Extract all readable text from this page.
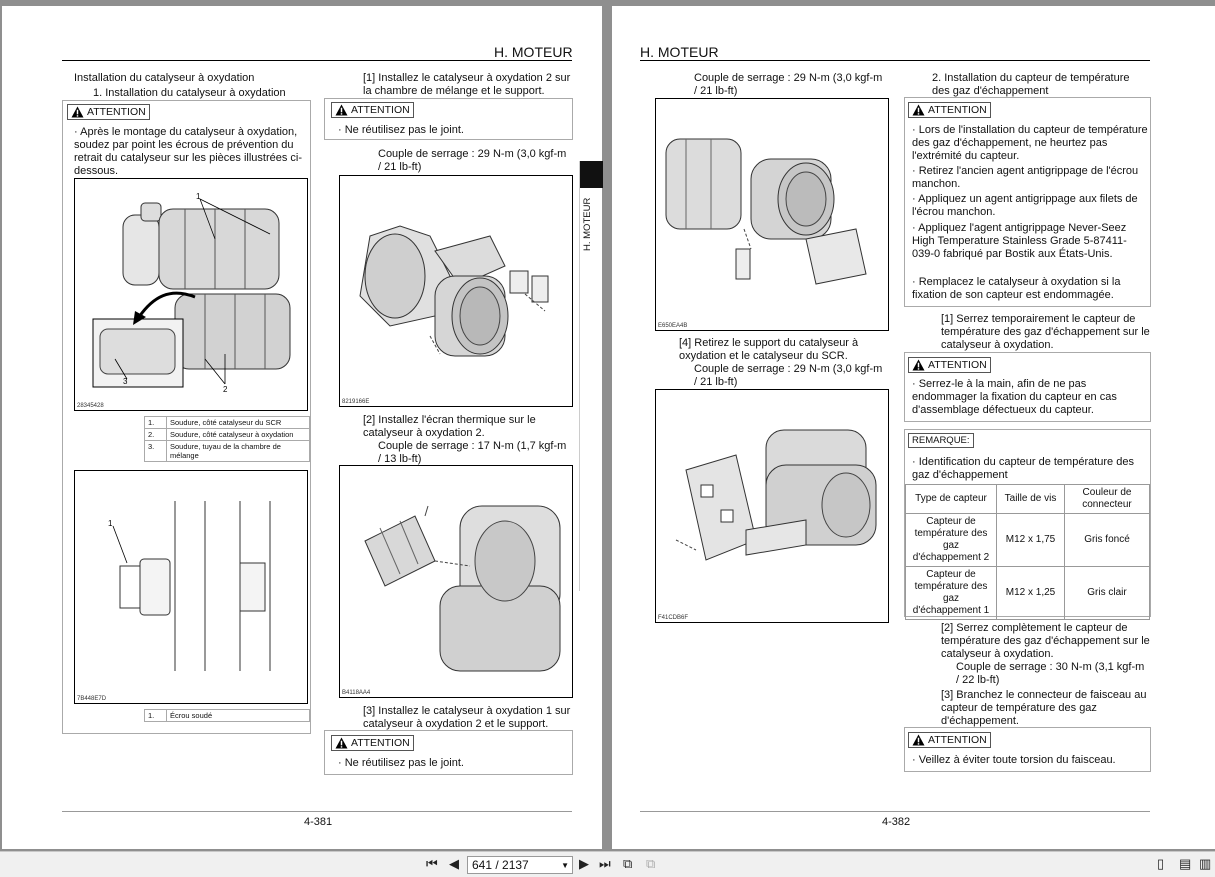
H. MOTEUR
Installation du catalyseur à oxydation
1. Installation du catalyseur à oxydation
ATTENTION
· Après le montage du catalyseur à oxydation, soudez par point les écrous de prévention du retrait du catalyseur sur les pièces illustrées ci-dessous.
1
2
3
28345428
1.	Soudure, côté catalyseur du SCR
2.	Soudure, côté catalyseur à oxydation
3.	Soudure, tuyau de la chambre de mélange
1
7B448E7D
1.	Écrou soudé
[1] Installez le catalyseur à oxydation 2 sur la chambre de mélange et le support.
ATTENTION
· Ne réutilisez pas le joint.
Couple de serrage : 29 N-m (3,0 kgf-m / 21 lb-ft)
8219166E
[2] Installez l'écran thermique sur le catalyseur à oxydation 2.
Couple de serrage : 17 N-m (1,7 kgf-m / 13 lb-ft)
B4118AA4
[3] Installez le catalyseur à oxydation 1 sur catalyseur à oxydation 2 et le support.
ATTENTION
· Ne réutilisez pas le joint.
4-381
H. MOTEUR
H. MOTEUR
Couple de serrage : 29 N-m (3,0 kgf-m / 21 lb-ft)
E650EA4B
[4] Retirez le support du catalyseur à oxydation et le catalyseur du SCR.
Couple de serrage : 29 N-m (3,0 kgf-m / 21 lb-ft)
F41CDB6F
2. Installation du capteur de température des gaz d'échappement
ATTENTION
· Lors de l'installation du capteur de température des gaz d'échappement, ne heurtez pas l'extrémité du capteur.
· Retirez l'ancien agent antigrippage de l'écrou manchon.
· Appliquez un agent antigrippage aux filets de l'écrou manchon.
· Appliquez l'agent antigrippage Never-Seez High Temperature Stainless Grade 5-87411-039-0 fabriqué par Bostik aux États-Unis.
· Remplacez le catalyseur à oxydation si la fixation de son capteur est endommagée.
[1] Serrez temporairement le capteur de température des gaz d'échappement sur le catalyseur à oxydation.
ATTENTION
· Serrez-le à la main, afin de ne pas endommager la fixation du capteur en cas d'assemblage défectueux du capteur.
REMARQUE:
· Identification du capteur de température des gaz d'échappement
Type de capteur	Taille de vis	Couleur de connecteur
Capteur de température des gaz d'échappement 2	M12 x 1,75	Gris foncé
Capteur de température des gaz d'échappement 1	M12 x 1,25	Gris clair
[2] Serrez complètement le capteur de température des gaz d'échappement sur le catalyseur à oxydation.
Couple de serrage : 30 N-m (3,1 kgf-m / 22 lb-ft)
[3] Branchez le connecteur de faisceau au capteur de température des gaz d'échappement.
ATTENTION
· Veillez à éviter toute torsion du faisceau.
4-382
⏮ ◀	641 / 2137	▼ ▶ ⏭ ⧉ ⧉	▯ ▤ ▥
